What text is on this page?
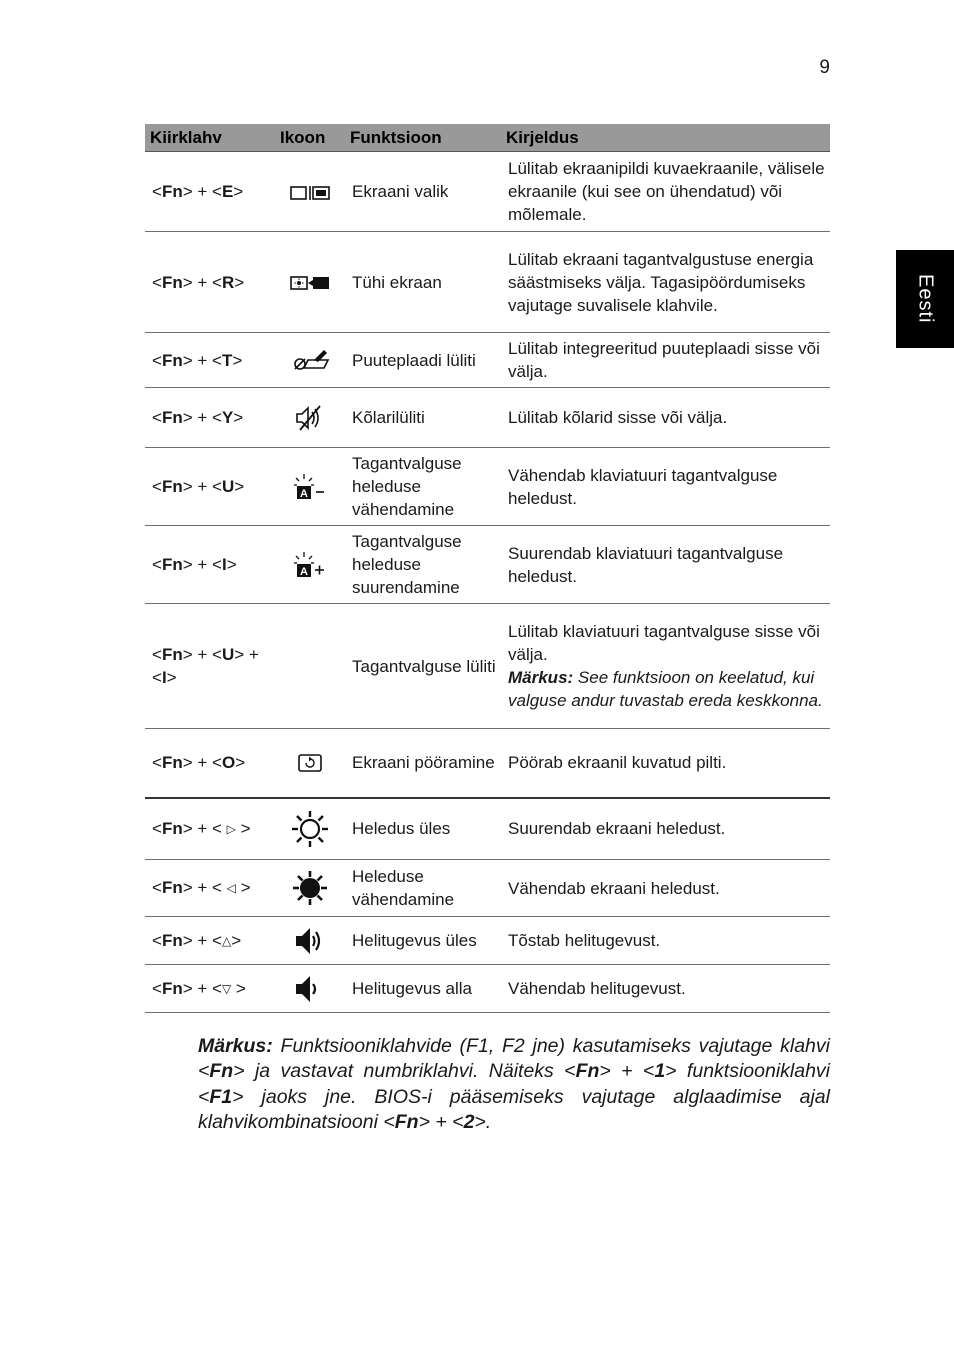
9
Eesti
Kiirklahv	Ikoon	Funktsioon	Kirjeldus
<Fn> + <E>		Ekraani valik	Lülitab ekraanipildi kuvaekraanile, välisele ekraanile (kui see on ühendatud) või mõlemale.
<Fn> + <R>		Tühi ekraan	Lülitab ekraani tagantvalgustuse energia säästmiseks välja. Tagasipöördumiseks vajutage suvalisele klahvile.
<Fn> + <T>		Puuteplaadi lüliti	Lülitab integreeritud puuteplaadi sisse või välja.
<Fn> + <Y>		Kõlarilüliti	Lülitab kõlarid sisse või välja.
<Fn> + <U>	A	Tagantvalguse heleduse vähendamine	Vähendab klaviatuuri tagantvalguse heledust.
<Fn> + <I>	A	Tagantvalguse heleduse suurendamine	Suurendab klaviatuuri tagantvalguse heledust.
<Fn> + <U> + <I>		Tagantvalguse lüliti	Lülitab klaviatuuri tagantvalguse sisse või välja.
Märkus: See funktsioon on keelatud, kui valguse andur tuvastab ereda keskkonna.
<Fn> + <O>		Ekraani pööramine	Pöörab ekraanil kuvatud pilti.
<Fn> + < ▷ >		Heledus üles	Suurendab ekraani heledust.
<Fn> + < ◁ >		Heleduse vähendamine	Vähendab ekraani heledust.
<Fn> + <△>		Helitugevus üles	Tõstab helitugevust.
<Fn> + <▽ >		Helitugevus alla	Vähendab helitugevust.

Märkus: Funktsiooniklahvide (F1, F2 jne) kasutamiseks vajutage klahvi <Fn> ja vastavat numbriklahvi. Näiteks <Fn> + <1> funktsiooniklahvi <F1> jaoks jne. BIOS-i pääsemiseks vajutage alglaadimise ajal klahvikombinatsiooni <Fn> + <2>.
